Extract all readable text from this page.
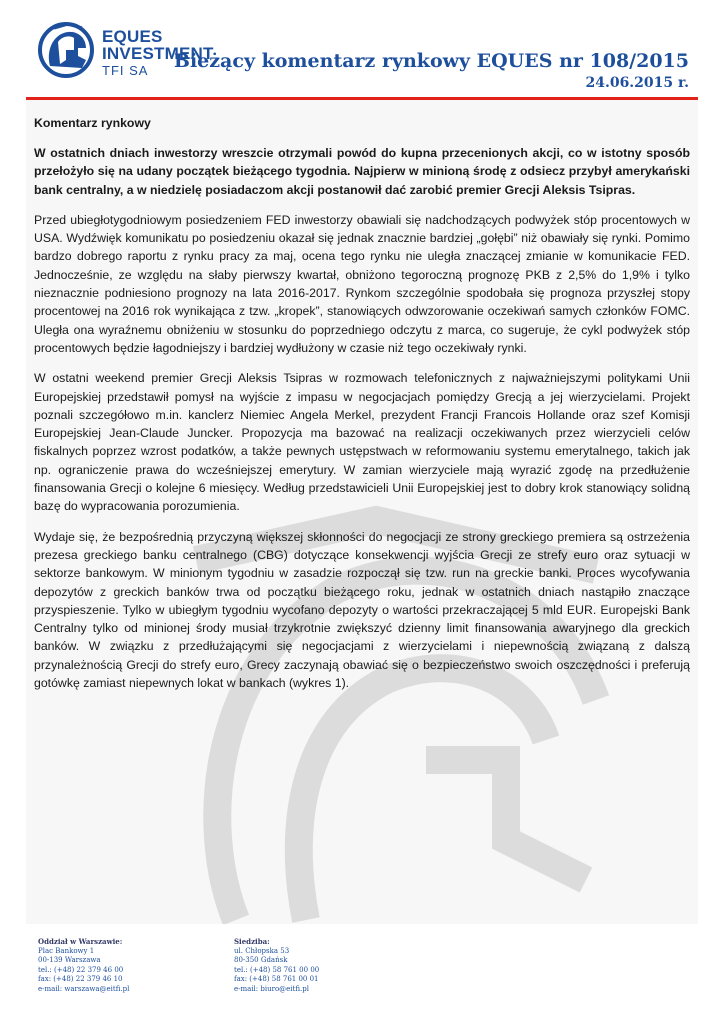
EQUES
INVESTMENT
TFI SA	Bieżący komentarz rynkowy EQUES nr 108/2015
24.06.2015 r.
Komentarz rynkowy

W ostatnich dniach inwestorzy wreszcie otrzymali powód do kupna przecenionych akcji, co w istotny sposób przełożyło się na udany początek bieżącego tygodnia. Najpierw w minioną środę z odsiecz przybył amerykański bank centralny, a w niedzielę posiadaczom akcji postanowił dać zarobić premier Grecji Aleksis Tsipras.

Przed ubiegłotygodniowym posiedzeniem FED inwestorzy obawiali się nadchodzących podwyżek stóp procentowych w USA. Wydźwięk komunikatu po posiedzeniu okazał się jednak znacznie bardziej „gołębi” niż obawiały się rynki. Pomimo bardzo dobrego raportu z rynku pracy za maj, ocena tego rynku nie uległa znaczącej zmianie w komunikacie FED. Jednocześnie, ze względu na słaby pierwszy kwartał, obniżono tegoroczną prognozę PKB z 2,5% do 1,9% i tylko nieznacznie podniesiono prognozy na lata 2016-2017. Rynkom szczególnie spodobała się prognoza przyszłej stopy procentowej na 2016 rok wynikająca z tzw. „kropek”, stanowiących odwzorowanie oczekiwań samych członków FOMC. Uległa ona wyraźnemu obniżeniu w stosunku do poprzedniego odczytu z marca, co sugeruje, że cykl podwyżek stóp procentowych będzie łagodniejszy i bardziej wydłużony w czasie niż tego oczekiwały rynki.

W ostatni weekend premier Grecji Aleksis Tsipras w rozmowach telefonicznych z najważniejszymi politykami Unii Europejskiej przedstawił pomysł na wyjście z impasu w negocjacjach pomiędzy Grecją a jej wierzycielami. Projekt poznali szczegółowo m.in. kanclerz Niemiec Angela Merkel, prezydent Francji Francois Hollande oraz szef Komisji Europejskiej Jean-Claude Juncker. Propozycja ma bazować na realizacji oczekiwanych przez wierzycieli celów fiskalnych poprzez wzrost podatków, a także pewnych ustępstwach w reformowaniu systemu emerytalnego, takich jak np. ograniczenie prawa do wcześniejszej emerytury. W zamian wierzyciele mają wyrazić zgodę na przedłużenie finansowania Grecji o kolejne 6 miesięcy. Według przedstawicieli Unii Europejskiej jest to dobry krok stanowiący solidną bazę do wypracowania porozumienia.

Wydaje się, że bezpośrednią przyczyną większej skłonności do negocjacji ze strony greckiego premiera są ostrzeżenia prezesa greckiego banku centralnego (CBG) dotyczące konsekwencji wyjścia Grecji ze strefy euro oraz sytuacji w sektorze bankowym. W minionym tygodniu w zasadzie rozpoczął się tzw. run na greckie banki. Proces wycofywania depozytów z greckich banków trwa od początku bieżącego roku, jednak w ostatnich dniach nastąpiło znaczące przyspieszenie. Tylko w ubiegłym tygodniu wycofano depozyty o wartości przekraczającej 5 mld EUR. Europejski Bank Centralny tylko od minionej środy musiał trzykrotnie zwiększyć dzienny limit finansowania awaryjnego dla greckich banków. W związku z przedłużającymi się negocjacjami z wierzycielami i niepewnością związaną z dalszą przynależnością Grecji do strefy euro, Grecy zaczynają obawiać się o bezpieczeństwo swoich oszczędności i preferują gotówkę zamiast niepewnych lokat w bankach (wykres 1).

Oddział w Warszawie:
Plac Bankowy 1
00-139 Warszawa
tel.: (+48) 22 379 46 00
fax: (+48) 22 379 46 10
e-mail: warszawa@eitfi.pl
Siedziba:
ul. Chłopska 53
80-350 Gdańsk
tel.: (+48) 58 761 00 00
fax: (+48) 58 761 00 01
e-mail: biuro@eitfi.pl
